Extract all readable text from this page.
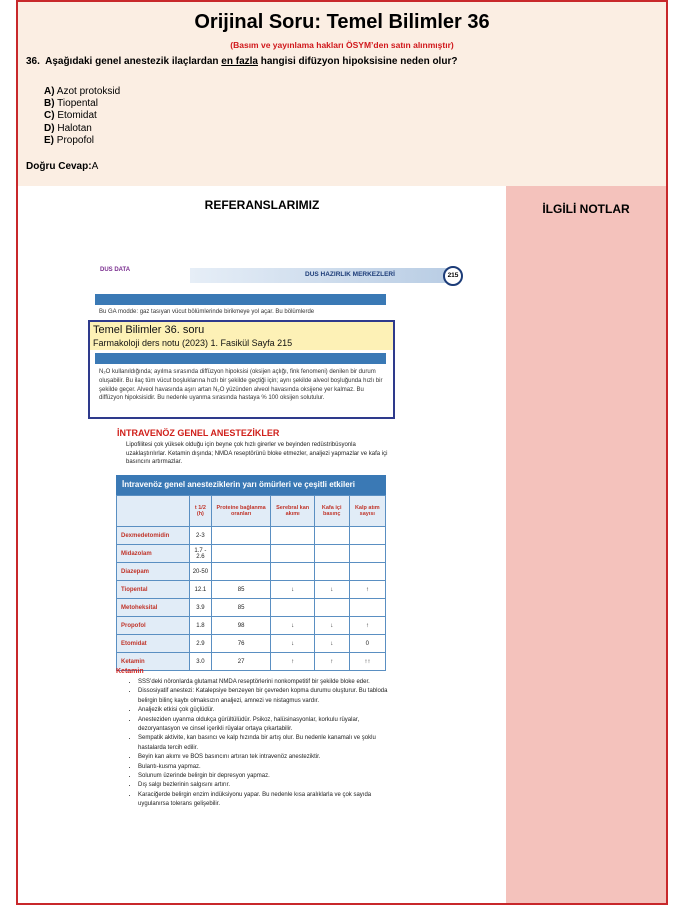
Orijinal Soru: Temel Bilimler 36
(Basım ve yayınlama hakları ÖSYM’den satın alınmıştır)
36. Aşağıdaki genel anestezik ilaçlardan en fazla hangisi difüzyon hipoksisine neden olur?
A) Azot protoksid
B) Tiopental
C) Etomidat
D) Halotan
E) Propofol
Doğru Cevap:A
REFERANSLARIMIZ	İLGİLİ NOTLAR
DUS DATA
DUS HAZIRLIK MERKEZLERİ	215
Bu GA modde: gaz tasıyan vücut bölümlerinde birikmeye yol açar. Bu bölümlerde
N₂O kullanıldığında; ayılma sırasında diffüzyon hipoksisi (oksijen açlığı, fink fenomeni) denilen bir durum oluşabilir. Bu ilaç tüm vücut boşluklarına hızlı bir şekilde geçtiği için; aynı şekilde alveol boşluğunda hızlı bir şekilde geçer. Alveol havasında aşırı artan N₂O yüzünden alveol havasında oksijene yer kalmaz. Bu diffüzyon hipoksisidir. Bu nedenle uyanma sırasında hastaya % 100 oksijen solutulur.
Temel Bilimler 36. soru
Farmakoloji ders notu (2023) 1. Fasikül Sayfa 215
İNTRAVENÖZ GENEL ANESTEZİKLER
Lipofilitesi çok yüksek olduğu için beyne çok hızlı girerler ve beyinden redüstribüsyonla uzaklaştırılırlar. Ketamin dışında; NMDA reseptörünü bloke etmezler, analjezi yapmazlar ve kafa içi basıncını artırmazlar.
İntravenöz genel anesteziklerin yarı ömürleri ve çeşitli etkileri
	t 1/2 (h)	Proteine bağlanma oranları	Serebral kan akımı	Kafa içi basınç	Kalp atım sayısı
Dexmedetomidin	2-3				
Midazolam	1.7 - 2.6				
Diazepam	20-50				
Tiopental	12.1	85	↓	↓	↑
Metoheksital	3.9	85			
Propofol	1.8	98	↓	↓	↑
Etomidat	2.9	76	↓	↓	0
Ketamin	3.0	27	↑	↑	↑↑
Ketamin
• SSS’deki nöronlarda glutamat NMDA reseptörlerini nonkompetitif bir şekilde bloke eder.
• Dissosiyatif anestezi: Katalepsiye benzeyen bir çevreden kopma durumu oluşturur. Bu tabloda belirgin bilinç kaybı olmaksızın analjezi, amnezi ve nistagmus vardır.
• Analjezik etkisi çok güçlüdür.
• Anesteziden uyanma oldukça gürültülüdür. Psikoz, halüsinasyonlar, korkulu rüyalar, dezoryantasyon ve cinsel içerikli rüyalar ortaya çıkartabilir.
• Sempatik aktivite, kan basıncı ve kalp hızında bir artış olur. Bu nedenle kanamalı ve şoklu hastalarda tercih edilir.
• Beyin kan akımı ve BOS basıncını artıran tek intravenöz anesteziktir.
• Bulantı-kusma yapmaz.
• Solunum üzerinde belirgin bir depresyon yapmaz.
• Dış salgı bezlerinin salgısını artırır.
• Karaciğerde belirgin enzim indüksiyonu yapar. Bu nedenle kısa aralıklarla ve çok sayıda uygulanırsa tolerans gelişebilir.
